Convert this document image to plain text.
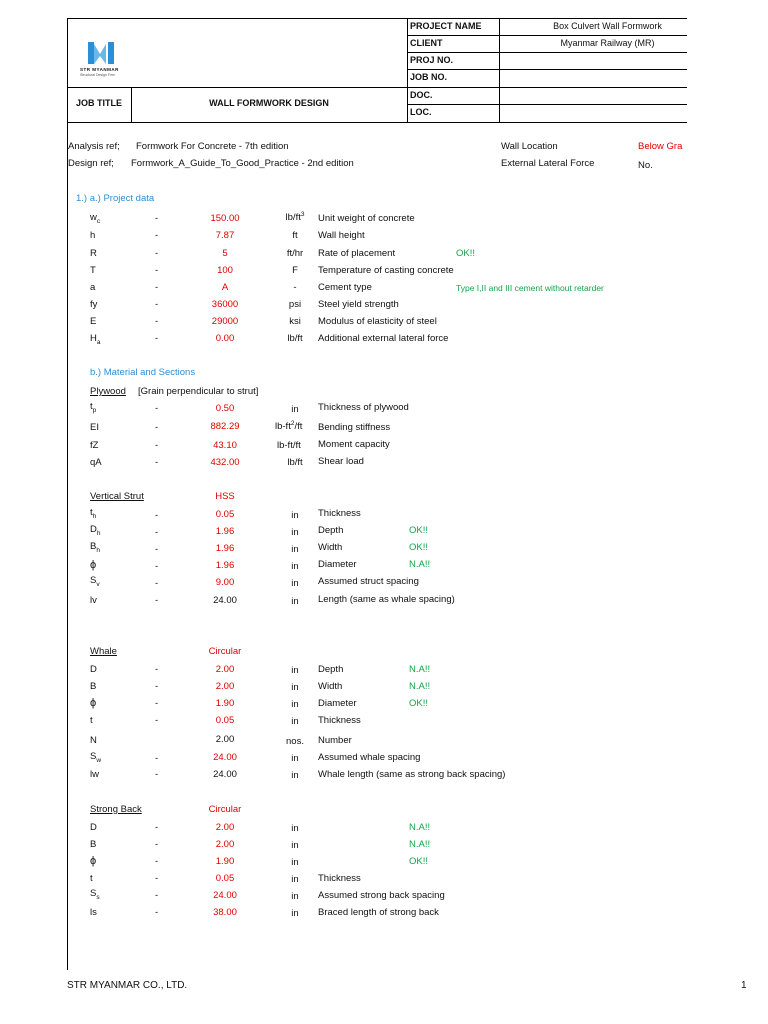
STR MYANMAR
Structural Design Firm
PROJECT NAME	Box Culvert Wall Formwork
CLIENT	Myanmar Railway (MR)
PROJ NO.
JOB NO.
DOC.
LOC.
JOB TITLE	WALL FORMWORK DESIGN
Analysis ref; Formwork For Concrete - 7th edition
Design ref; Formwork_A_Guide_To_Good_Practice - 2nd edition
Wall Location	Below Gra
External Lateral Force	No.
1.) a.) Project data
$w_c$	-	150.00	$lb/ft^3$	Unit weight of concrete
h	-	7.87	ft	Wall height
R	-	5	ft/hr	Rate of placement	OK!!
T	-	100	F	Temperature of casting concrete
a	-	A	-	Cement type	Type I,II and III cement without retarder
fy	-	36000	psi	Steel yield strength
E	-	29000	ksi	Modulus of elasticity of steel
$H_a$	-	0.00	lb/ft	Additional external lateral force
b.) Material and Sections
Plywood [Grain perpendicular to strut]
$t_p$	-	0.50	in	Thickness of plywood
EI	-	882.29	$lb-ft^2/ft$ Bending stiffness
fZ	-	43.10	lb-ft/ft Moment capacity
qA	-	432.00	lb/ft	Shear load
Vertical Strut	HSS
$t_h$	-	0.05	in	Thickness
$D_h$	-	1.96	in	Depth	OK!!
$B_h$	-	1.96	in	Width	OK!!
ϕ	-	1.96	in	Diameter	N.A!!
$S_v$	-	9.00	in	Assumed struct spacing
lv	-	24.00	in	Length (same as whale spacing)
Whale	Circular
D	-	2.00	in	Depth	N.A!!
B	-	2.00	in	Width	N.A!!
ϕ	-	1.90	in	Diameter	OK!!
t	-	0.05	in	Thickness
N	2.00	nos.	Number
$S_w$	-	24.00	in	Assumed whale spacing
lw	-	24.00	in	Whale length (same as strong back spacing)
Strong Back	Circular
D	-	2.00	in	N.A!!
B	-	2.00	in	N.A!!
ϕ	-	1.90	in	OK!!
t	-	0.05	in	Thickness
$S_s$	-	24.00	in	Assumed strong back spacing
ls	-	38.00	in	Braced length of strong back
STR MYANMAR CO., LTD.	1
